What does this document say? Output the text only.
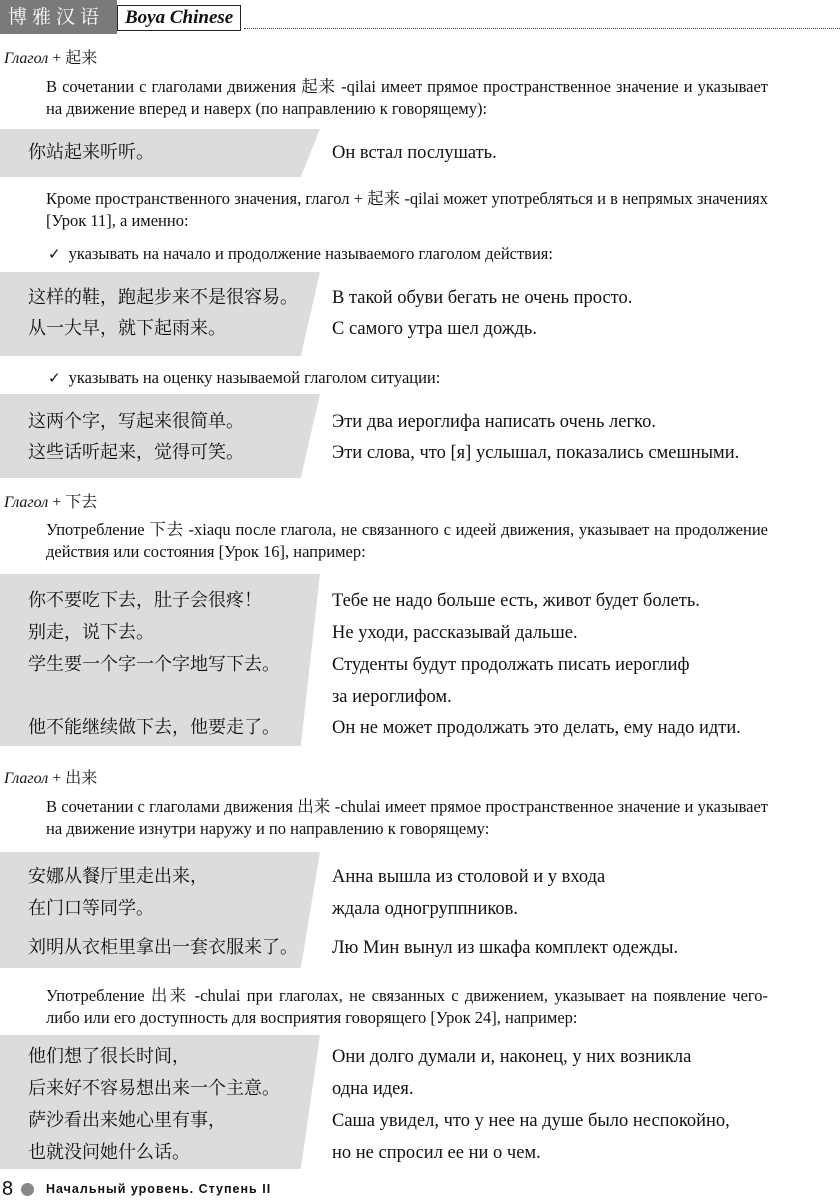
博雅汉语	Boya Chinese
Глагол + 起来
В сочетании с глаголами движения 起来 -qilai имеет прямое пространственное значение и указывает на движение вперед и наверх (по направлению к говорящему):
你站起来听听。	Он встал послушать.
Кроме пространственного значения, глагол + 起来 -qilai может употребляться и в непрямых значениях [Урок 11], а именно:
✓ указывать на начало и продолжение называемого глаголом действия:
这样的鞋，跑起步来不是很容易。 В такой обуви бегать не очень просто.
从一大早，就下起雨来。	С самого утра шел дождь.
✓ указывать на оценку называемой глаголом ситуации:
这两个字，写起来很简单。	Эти два иероглифа написать очень легко.
这些话听起来，觉得可笑。	Эти слова, что [я] услышал, показались смешными.
Глагол + 下去
Употребление 下去 -xiaqu после глагола, не связанного с идеей движения, указывает на продолжение действия или состояния [Урок 16], например:
你不要吃下去，肚子会很疼！	Тебе не надо больше есть, живот будет болеть.
别走，说下去。	Не уходи, рассказывай дальше.
学生要一个字一个字地写下去。	Студенты будут продолжать писать иероглиф
за иероглифом.
他不能继续做下去，他要走了。	Он не может продолжать это делать, ему надо идти.
Глагол + 出来
В сочетании с глаголами движения 出来 -chulai имеет прямое пространственное значение и указывает на движение изнутри наружу и по направлению к говорящему:
安娜从餐厅里走出来，	Анна вышла из столовой и у входа
在门口等同学。	ждала одногруппников.
刘明从衣柜里拿出一套衣服来了。 Лю Мин вынул из шкафа комплект одежды.
Употребление 出来 -chulai при глаголах, не связанных с движением, указывает на появление чего-либо или его доступность для восприятия говорящего [Урок 24], например:
他们想了很长时间，	Они долго думали и, наконец, у них возникла
后来好不容易想出来一个主意。	одна идея.
萨沙看出来她心里有事，	Саша увидел, что у нее на душе было неспокойно,
也就没问她什么话。	но не спросил ее ни о чем.
8	Начальный уровень. Ступень II
